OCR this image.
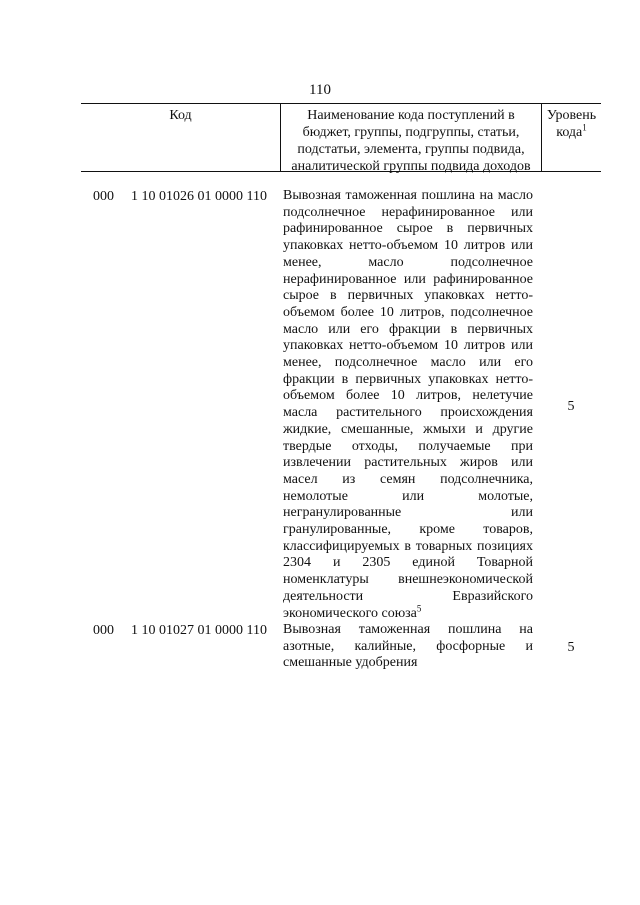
110
Код	Наименование кода поступлений в бюджет, группы, подгруппы, статьи, подстатьи, элемента, группы подвида, аналитической группы подвида доходов
Уровень кода$^1$
000 1 10 01026 01 0000 110 Вывозная таможенная пошлина на масло подсолнечное нерафинированное или рафинированное сырое в первичных упаковках нетто-объемом 10 литров или менее, масло подсолнечное нерафинированное или рафинированное сырое в первичных упаковках нетто-объемом более 10 литров, подсолнечное масло или его фракции в первичных упаковках нетто-объемом 10 литров или менее, подсолнечное масло или его фракции в первичных упаковках нетто-объемом более 10 литров, нелетучие масла растительного происхождения жидкие, смешанные, жмыхи и другие твердые отходы, получаемые при извлечении растительных жиров или масел из семян подсолнечника, немолотые или молотые, негранулированные или гранулированные, кроме товаров, классифицируемых в товарных позициях 2304 и 2305 единой Товарной номенклатуры внешнеэкономической деятельности Евразийского экономического союза$^5$

5
000 1 10 01027 01 0000 110 Вывозная таможенная пошлина на азотные, калийные, фосфорные и смешанные удобрения

5
